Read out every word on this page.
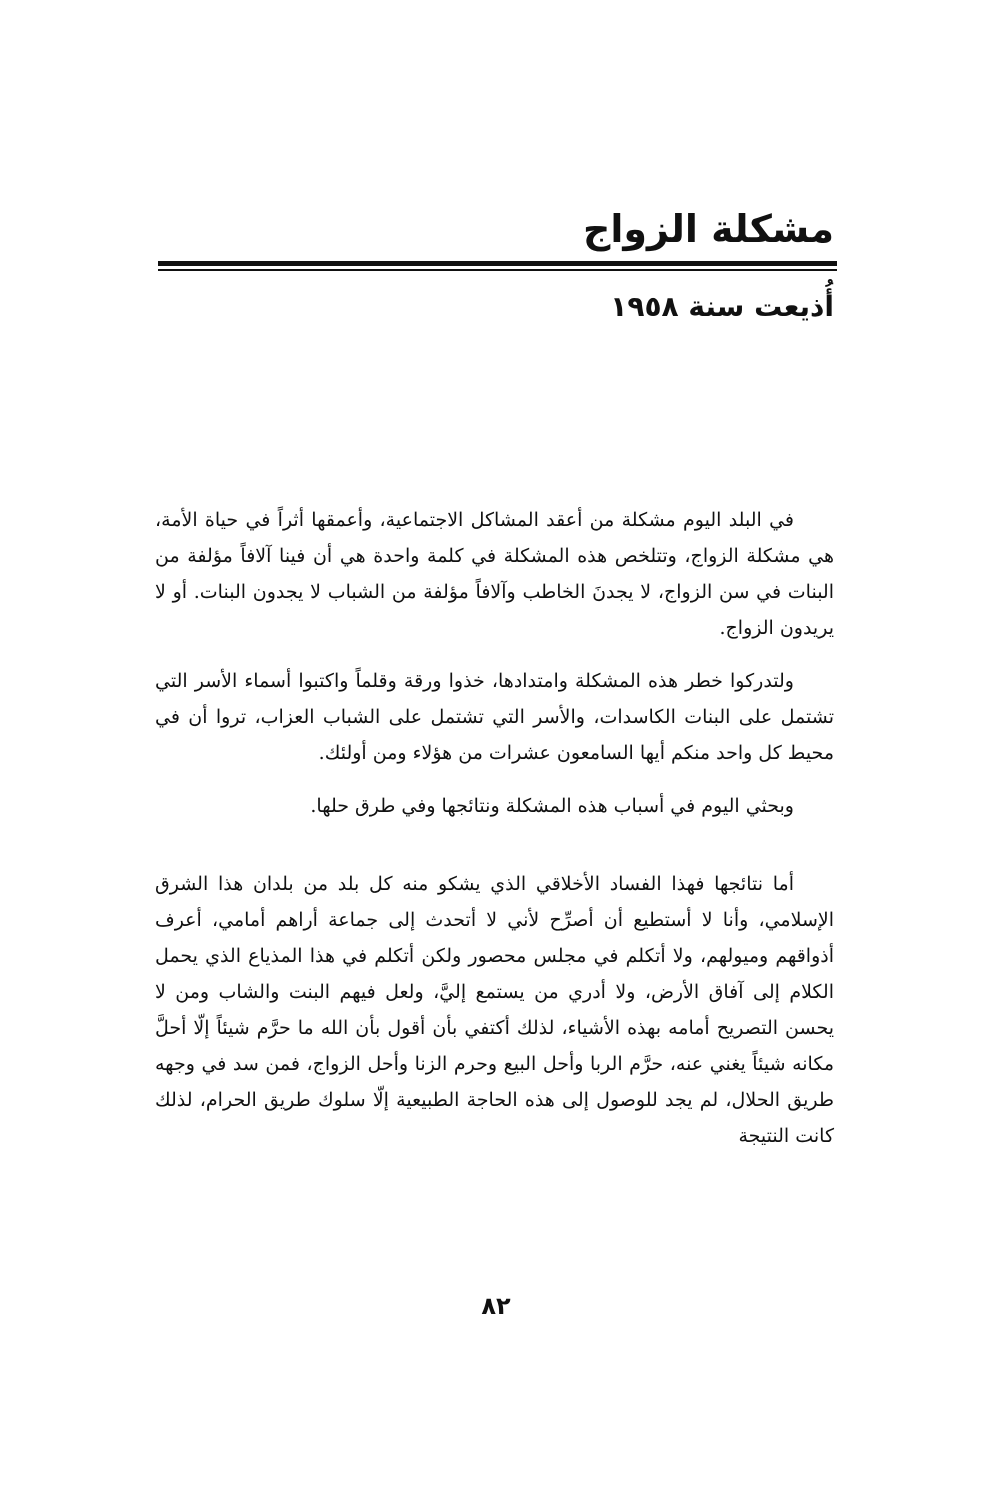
مشكلة الزواج
أُذيعت سنة ١٩٥٨

في البلد اليوم مشكلة من أعقد المشاكل الاجتماعية، وأعمقها أثراً في حياة الأمة، هي مشكلة الزواج، وتتلخص هذه المشكلة في كلمة واحدة هي أن فينا آلافاً مؤلفة من البنات في سن الزواج، لا يجدنَ الخاطب وآلافاً مؤلفة من الشباب لا يجدون البنات. أو لا يريدون الزواج.

ولتدركوا خطر هذه المشكلة وامتدادها، خذوا ورقة وقلماً واكتبوا أسماء الأسر التي تشتمل على البنات الكاسدات، والأسر التي تشتمل على الشباب العزاب، تروا أن في محيط كل واحد منكم أيها السامعون عشرات من هؤلاء ومن أولئك.

وبحثي اليوم في أسباب هذه المشكلة ونتائجها وفي طرق حلها.

أما نتائجها فهذا الفساد الأخلاقي الذي يشكو منه كل بلد من بلدان هذا الشرق الإسلامي، وأنا لا أستطيع أن أصرِّح لأني لا أتحدث إلى جماعة أراهم أمامي، أعرف أذواقهم وميولهم، ولا أتكلم في مجلس محصور ولكن أتكلم في هذا المذياع الذي يحمل الكلام إلى آفاق الأرض، ولا أدري من يستمع إليَّ، ولعل فيهم البنت والشاب ومن لا يحسن التصريح أمامه بهذه الأشياء، لذلك أكتفي بأن أقول بأن الله ما حرَّم شيئاً إلّا أحلَّ مكانه شيئاً يغني عنه، حرَّم الربا وأحل البيع وحرم الزنا وأحل الزواج، فمن سد في وجهه طريق الحلال، لم يجد للوصول إلى هذه الحاجة الطبيعية إلّا سلوك طريق الحرام، لذلك كانت النتيجة

٨٢
